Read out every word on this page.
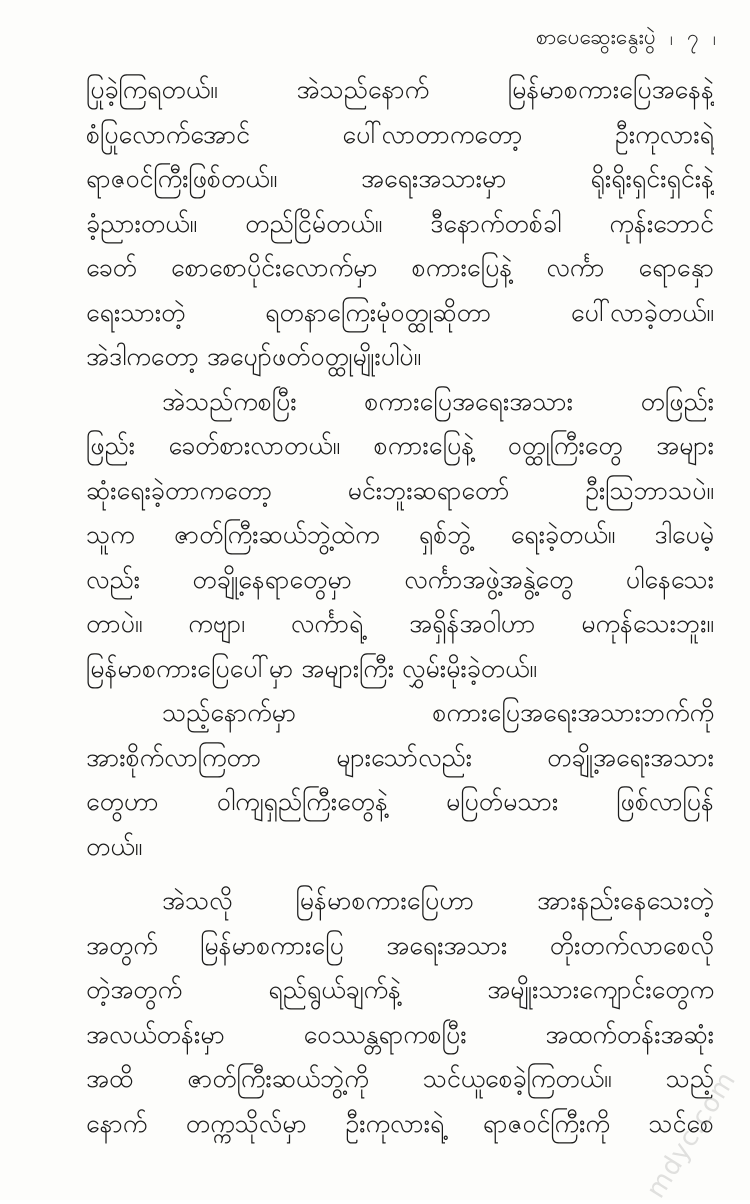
စာပေဆွေးနွေးပွဲ ၊ ၇ ၊
ပြုခဲ့ကြရတယ်။ အဲသည်နောက် မြန်မာစကားပြေအနေနဲ့
စံပြုလောက်အောင် ပေါ်လာတာကတော့ ဦးကုလားရဲ့
ရာဇဝင်ကြီးဖြစ်တယ်။ အရေးအသားမှာ ရိုးရိုးရှင်းရှင်းနဲ့
ခံ့ညားတယ်။ တည်ငြိမ်တယ်။ ဒီနောက်တစ်ခါ ကုန်းဘောင်
ခေတ် စောစောပိုင်းလောက်မှာ စကားပြေနဲ့ လင်္ကာ ရောနှော
ရေးသားတဲ့ ရတနာကြေးမုံဝတ္ထုဆိုတာ ပေါ်လာခဲ့တယ်။
အဲဒါကတော့ အပျော်ဖတ်ဝတ္ထုမျိုးပါပဲ။
အဲသည်ကစပြီး စကားပြေအရေးအသား တဖြည်း
ဖြည်း ခေတ်စားလာတယ်။ စကားပြေနဲ့ ဝတ္ထုကြီးတွေ အများ
ဆုံးရေးခဲ့တာကတော့ မင်းဘူးဆရာတော် ဦးသြဘာသပဲ။
သူက ဇာတ်ကြီးဆယ်ဘွဲ့ထဲက ရှစ်ဘွဲ့ ရေးခဲ့တယ်။ ဒါပေမဲ့
လည်း တချို့နေရာတွေမှာ လင်္ကာအဖွဲ့အနွဲ့တွေ ပါနေသေး
တာပဲ။ ကဗျာ၊ လင်္ကာရဲ့ အရှိန်အဝါဟာ မကုန်သေးဘူး။
မြန်မာစကားပြေပေါ်မှာ အများကြီး လွှမ်းမိုးခဲ့တယ်။
သည့်နောက်မှာ စကားပြေအရေးအသားဘက်ကို
အားစိုက်လာကြတာ များသော်လည်း တချို့အရေးအသား
တွေဟာ ဝါကျရှည်ကြီးတွေနဲ့ မပြတ်မသား ဖြစ်လာပြန်
တယ်။
အဲသလို မြန်မာစကားပြေဟာ အားနည်းနေသေးတဲ့
အတွက် မြန်မာစကားပြေ အရေးအသား တိုးတက်လာစေလို
တဲ့အတွက် ရည်ရွယ်ချက်နဲ့ အမျိုးသားကျောင်းတွေက
အလယ်တန်းမှာ ဝေဿန္တရာကစပြီး အထက်တန်းအဆုံး
အထိ ဇာတ်ကြီးဆယ်ဘွဲ့ကို သင်ယူစေခဲ့ကြတယ်။ သည့်
နောက် တက္ကသိုလ်မှာ ဦးကုလားရဲ့ ရာဇဝင်ကြီးကို သင်စေ
mdyc.com
